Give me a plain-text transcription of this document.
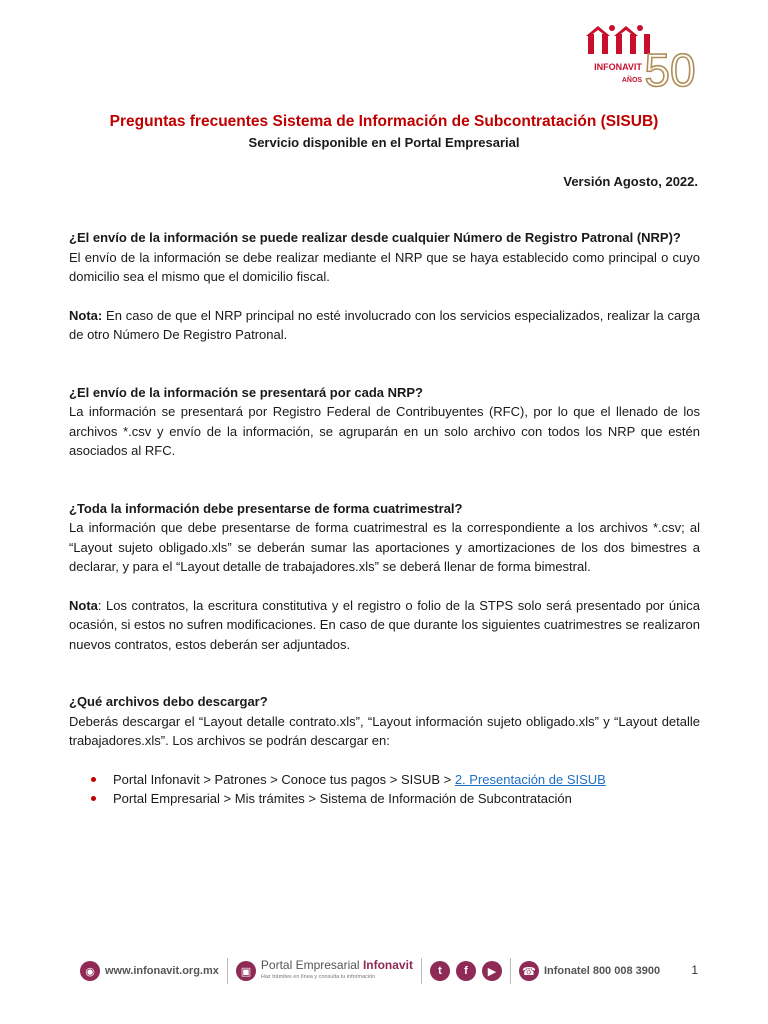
INFONAVIT
AÑOS 50
Preguntas frecuentes Sistema de Información de Subcontratación (SISUB)
Servicio disponible en el Portal Empresarial
Versión Agosto, 2022.

¿El envío de la información se puede realizar desde cualquier Número de Registro Patronal (NRP)?

El envío de la información se debe realizar mediante el NRP que se haya establecido como principal o cuyo domicilio sea el mismo que el domicilio fiscal.

Nota: En caso de que el NRP principal no esté involucrado con los servicios especializados, realizar la carga de otro Número De Registro Patronal.

¿El envío de la información se presentará por cada NRP?

La información se presentará por Registro Federal de Contribuyentes (RFC), por lo que el llenado de los archivos *.csv y envío de la información, se agruparán en un solo archivo con todos los NRP que estén asociados al RFC.

¿Toda la información debe presentarse de forma cuatrimestral?

La información que debe presentarse de forma cuatrimestral es la correspondiente a los archivos *.csv; al “Layout sujeto obligado.xls” se deberán sumar las aportaciones y amortizaciones de los dos bimestres a declarar, y para el “Layout detalle de trabajadores.xls” se deberá llenar de forma bimestral.

Nota: Los contratos, la escritura constitutiva y el registro o folio de la STPS solo será presentado por única ocasión, si estos no sufren modificaciones. En caso de que durante los siguientes cuatrimestres se realizaron nuevos contratos, estos deberán ser adjuntados.

¿Qué archivos debo descargar?

Deberás descargar el “Layout detalle contrato.xls”, “Layout información sujeto obligado.xls” y “Layout detalle trabajadores.xls”. Los archivos se podrán descargar en:

Portal Infonavit > Patrones > Conoce tus pagos > SISUB > 2. Presentación de SISUB
Portal Empresarial > Mis trámites > Sistema de Información de Subcontratación
◉ www.infonavit.org.mx	▣ Portal Empresarial Infonavit
Haz trámites en línea y consulta tu información	t	f	▶	☎ Infonatel 800 008 3900	1
